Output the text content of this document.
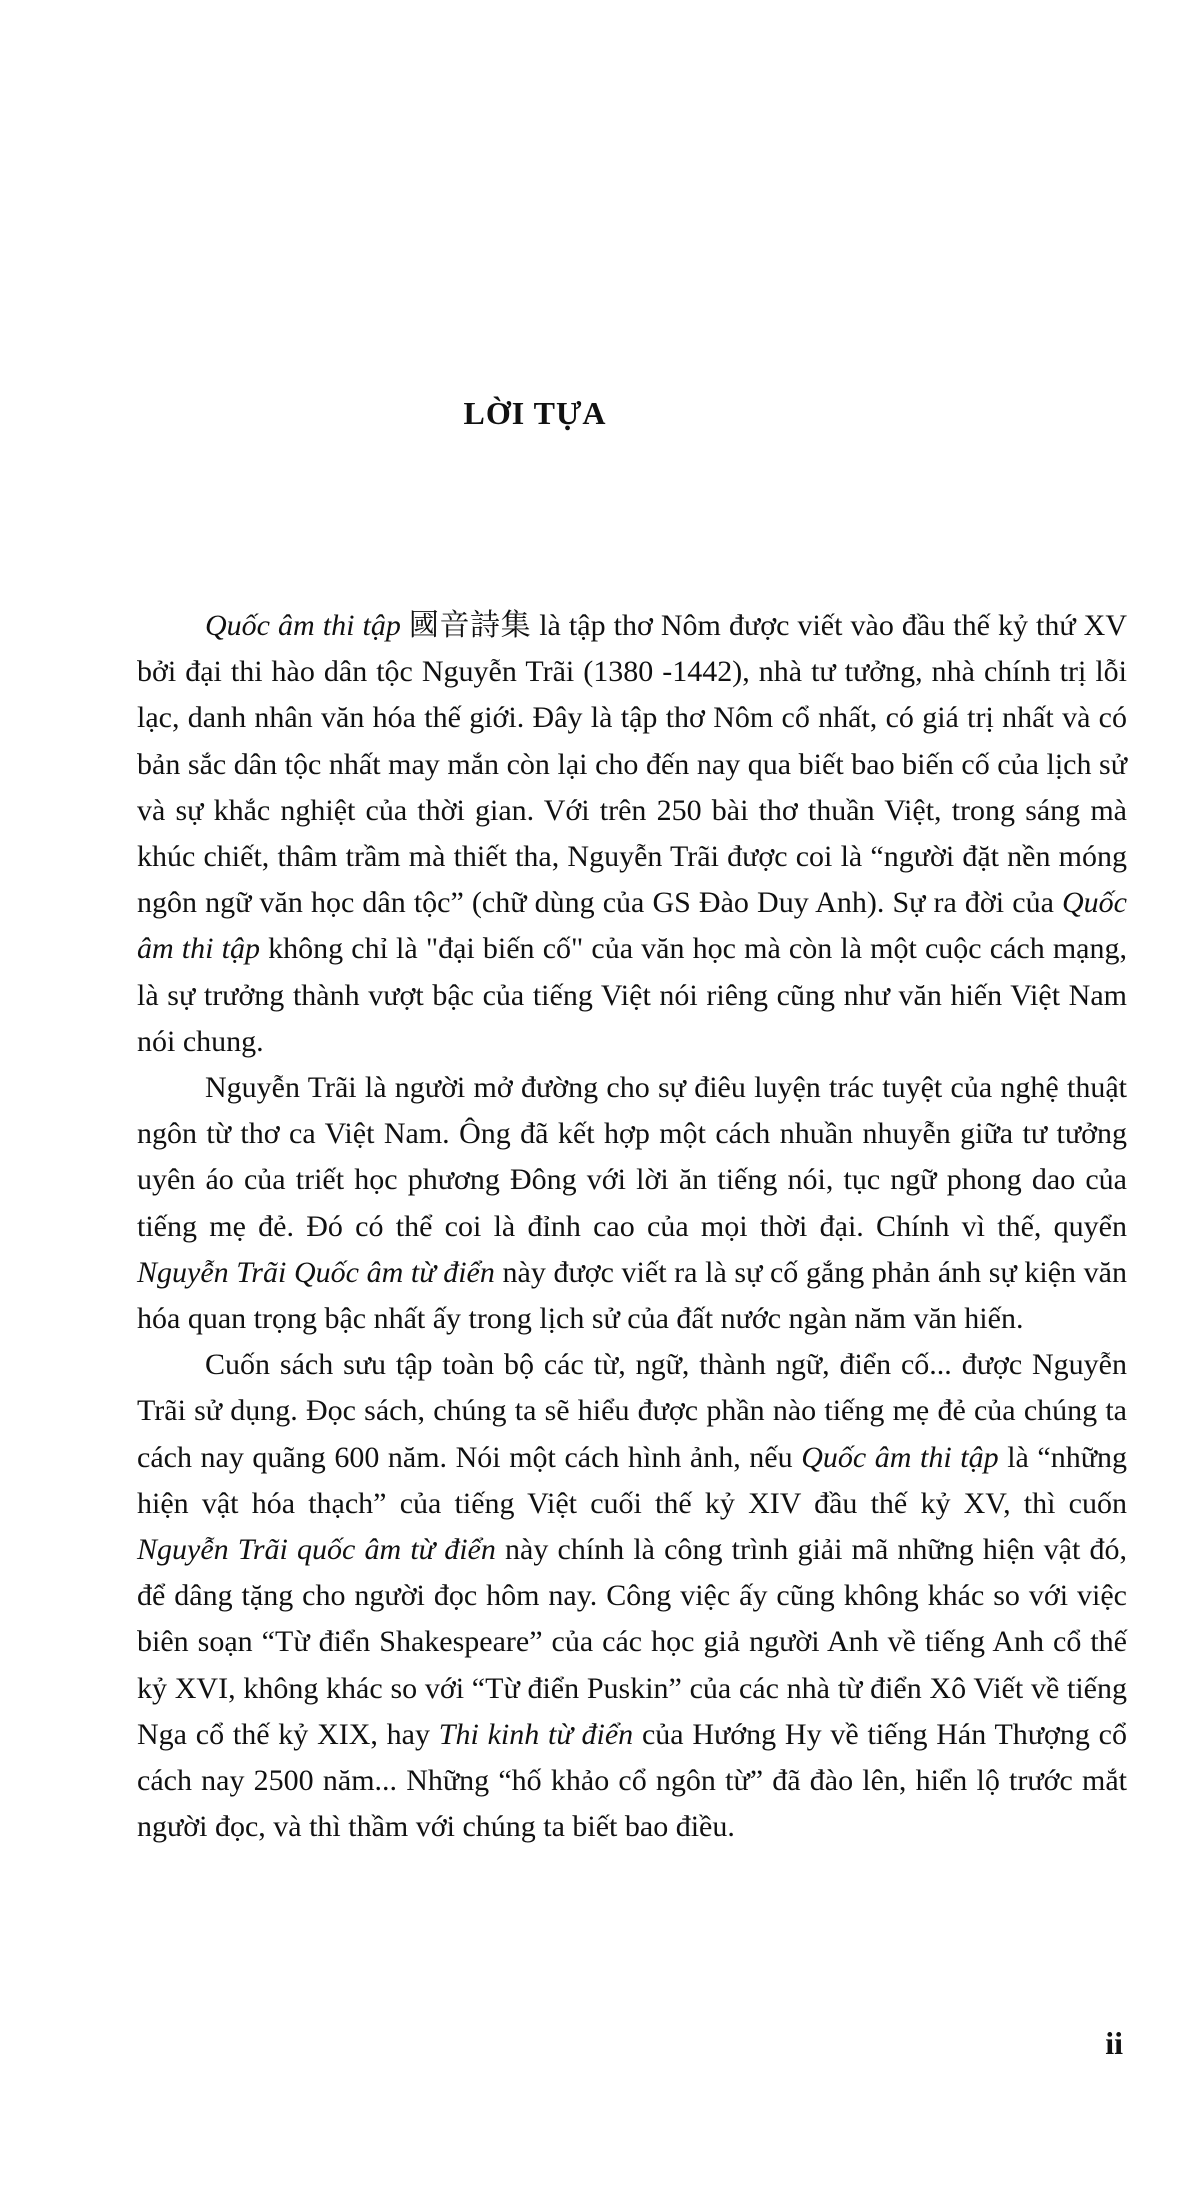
LỜI TỰA

Quốc âm thi tập 國音詩集 là tập thơ Nôm được viết vào đầu thế kỷ thứ XV bởi đại thi hào dân tộc Nguyễn Trãi (1380 -1442), nhà tư tưởng, nhà chính trị lỗi lạc, danh nhân văn hóa thế giới. Đây là tập thơ Nôm cổ nhất, có giá trị nhất và có bản sắc dân tộc nhất may mắn còn lại cho đến nay qua biết bao biến cố của lịch sử và sự khắc nghiệt của thời gian. Với trên 250 bài thơ thuần Việt, trong sáng mà khúc chiết, thâm trầm mà thiết tha, Nguyễn Trãi được coi là “người đặt nền móng ngôn ngữ văn học dân tộc” (chữ dùng của GS Đào Duy Anh). Sự ra đời của Quốc âm thi tập không chỉ là "đại biến cố" của văn học mà còn là một cuộc cách mạng, là sự trưởng thành vượt bậc của tiếng Việt nói riêng cũng như văn hiến Việt Nam nói chung.

Nguyễn Trãi là người mở đường cho sự điêu luyện trác tuyệt của nghệ thuật ngôn từ thơ ca Việt Nam. Ông đã kết hợp một cách nhuần nhuyễn giữa tư tưởng uyên áo của triết học phương Đông với lời ăn tiếng nói, tục ngữ phong dao của tiếng mẹ đẻ. Đó có thể coi là đỉnh cao của mọi thời đại. Chính vì thế, quyển Nguyễn Trãi Quốc âm từ điển này được viết ra là sự cố gắng phản ánh sự kiện văn hóa quan trọng bậc nhất ấy trong lịch sử của đất nước ngàn năm văn hiến.

Cuốn sách sưu tập toàn bộ các từ, ngữ, thành ngữ, điển cố... được Nguyễn Trãi sử dụng. Đọc sách, chúng ta sẽ hiểu được phần nào tiếng mẹ đẻ của chúng ta cách nay quãng 600 năm. Nói một cách hình ảnh, nếu Quốc âm thi tập là “những hiện vật hóa thạch” của tiếng Việt cuối thế kỷ XIV đầu thế kỷ XV, thì cuốn Nguyễn Trãi quốc âm từ điển này chính là công trình giải mã những hiện vật đó, để dâng tặng cho người đọc hôm nay. Công việc ấy cũng không khác so với việc biên soạn “Từ điển Shakespeare” của các học giả người Anh về tiếng Anh cổ thế kỷ XVI, không khác so với “Từ điển Puskin” của các nhà từ điển Xô Viết về tiếng Nga cổ thế kỷ XIX, hay Thi kinh từ điển của Hướng Hy về tiếng Hán Thượng cổ cách nay 2500 năm... Những “hố khảo cổ ngôn từ” đã đào lên, hiển lộ trước mắt người đọc, và thì thầm với chúng ta biết bao điều.

ii
